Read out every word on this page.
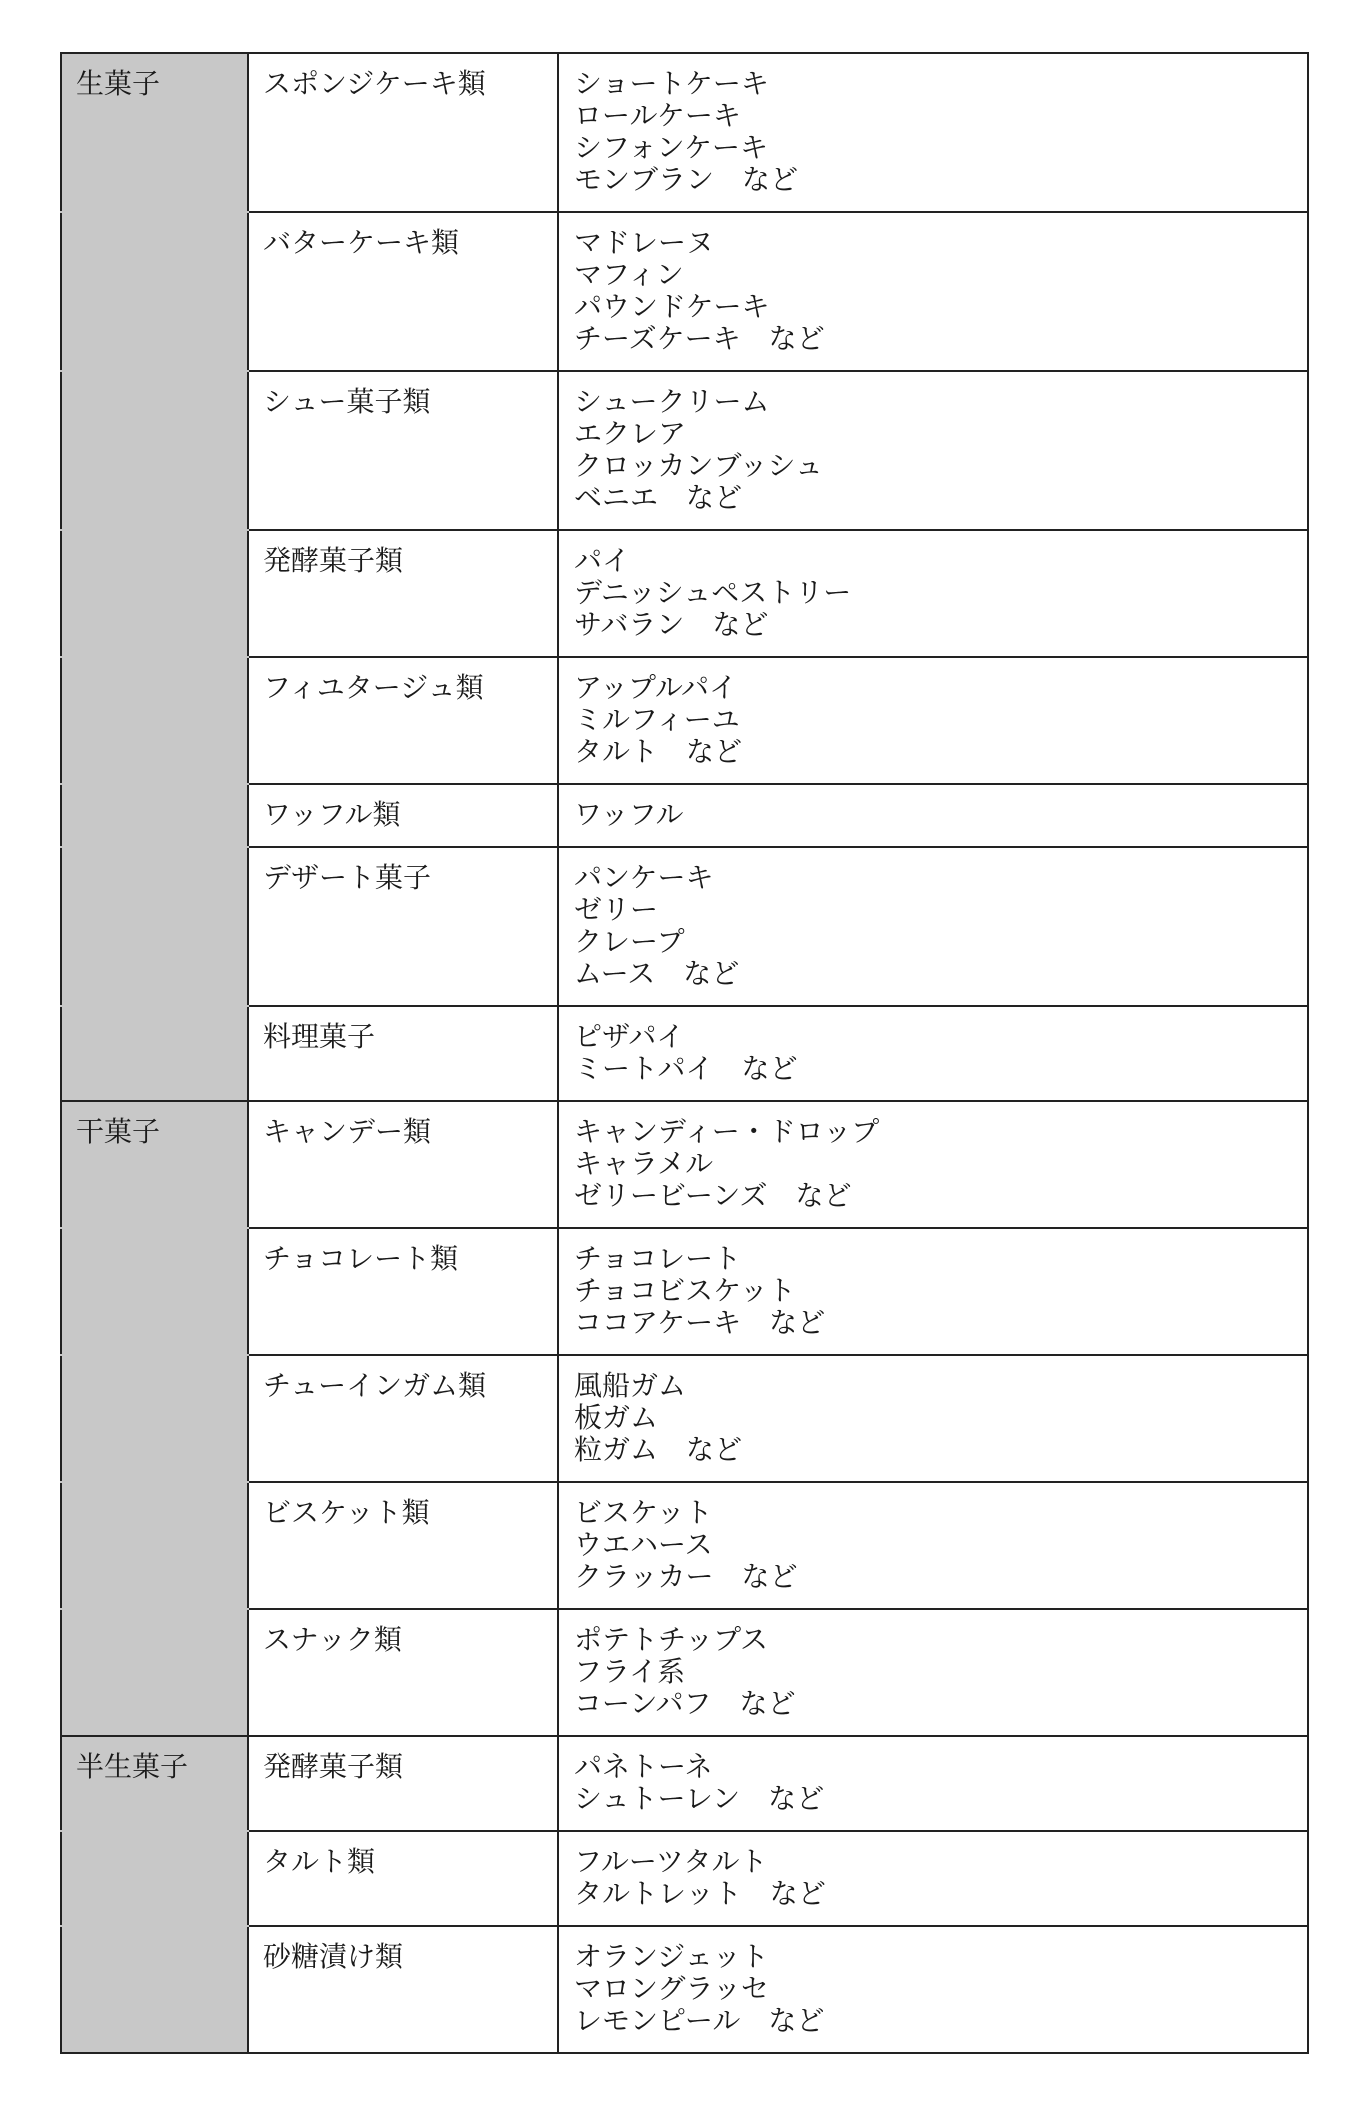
生菓子	スポンジケーキ類	ショートケーキ
ロールケーキ
シフォンケーキ
モンブラン　など

	バターケーキ類	マドレーヌ
マフィン
パウンドケーキ
チーズケーキ　など

	シュー菓子類	シュークリーム
エクレア
クロッカンブッシュ
ベニエ　など

	発酵菓子類	パイ
デニッシュペストリー
サバラン　など

	フィユタージュ類	アップルパイ
ミルフィーユ
タルト　など

	ワッフル類	ワッフル

	デザート菓子	パンケーキ
ゼリー
クレープ
ムース　など

	料理菓子	ピザパイ
ミートパイ　など

干菓子	キャンデー類	キャンディー・ドロップ
キャラメル
ゼリービーンズ　など

	チョコレート類	チョコレート
チョコビスケット
ココアケーキ　など

	チューインガム類	風船ガム
板ガム
粒ガム　など

	ビスケット類	ビスケット
ウエハース
クラッカー　など

	スナック類	ポテトチップス
フライ系
コーンパフ　など

半生菓子	発酵菓子類	パネトーネ
シュトーレン　など

	タルト類	フルーツタルト
タルトレット　など

	砂糖漬け類	オランジェット
マロングラッセ
レモンピール　など
